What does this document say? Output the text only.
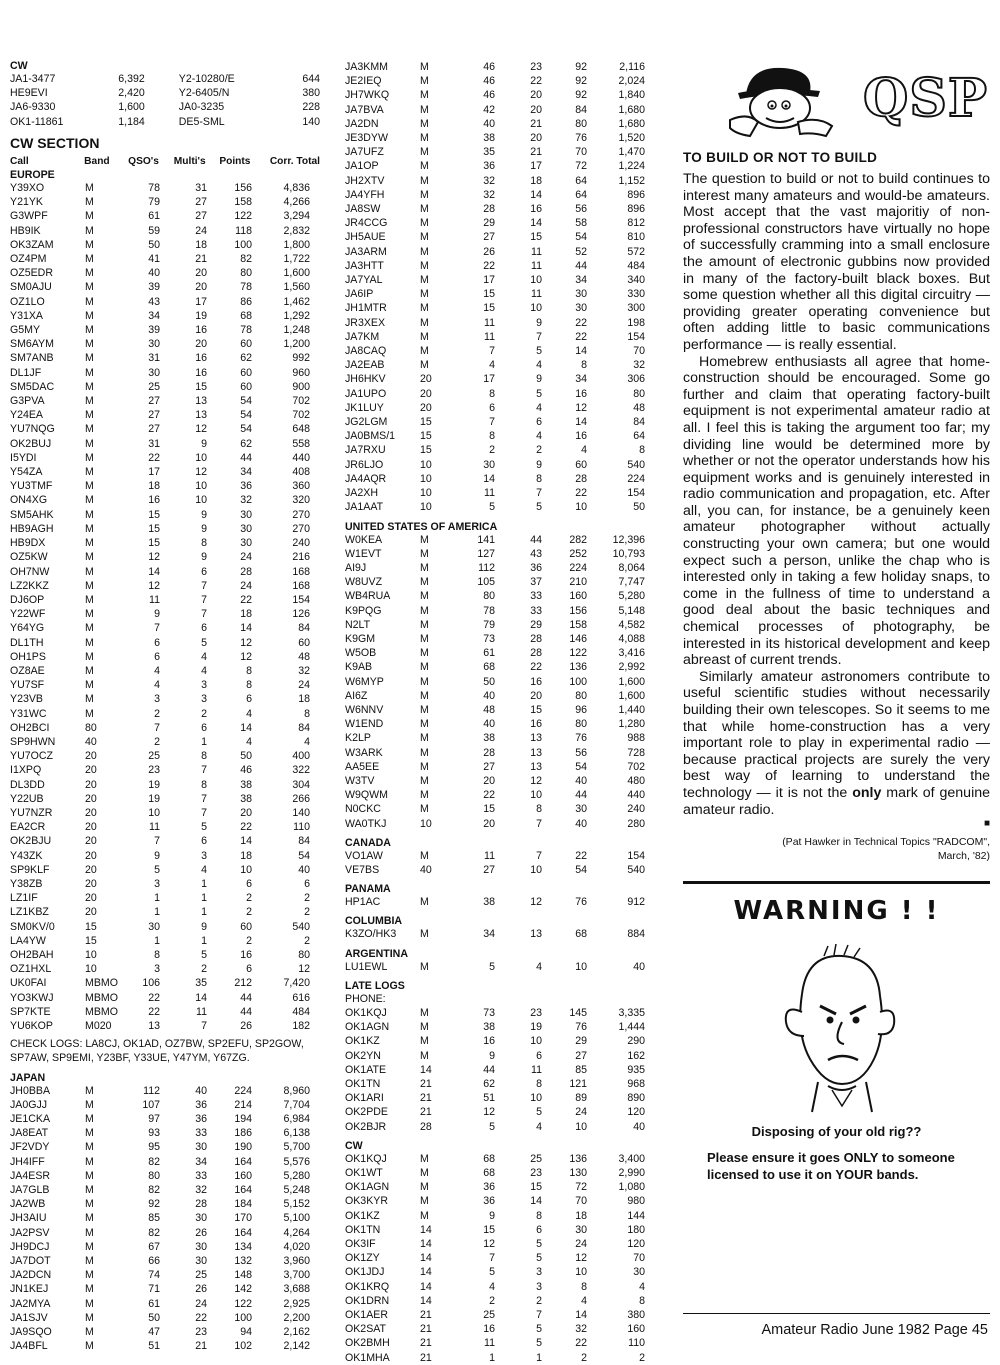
CW
JA1-3477	6,392	Y2-10280/E	644
HE9EVI	2,420	Y2-6405/N	380
JA6-9330	1,600	JA0-3235	228
OK1-11861	1,184	DE5-SML	140
CW SECTION
Call	Band	QSO's	Multi's	Points	Corr. Total
EUROPE
Y39XO	M	78	31	156	4,836
Y21YK	M	79	27	158	4,266
G3WPF	M	61	27	122	3,294
HB9IK	M	59	24	118	2,832
OK3ZAM	M	50	18	100	1,800
OZ4PM	M	41	21	82	1,722
OZ5EDR	M	40	20	80	1,600
SM0AJU	M	39	20	78	1,560
OZ1LO	M	43	17	86	1,462
Y31XA	M	34	19	68	1,292
G5MY	M	39	16	78	1,248
SM6AYM	M	30	20	60	1,200
SM7ANB	M	31	16	62	992
DL1JF	M	30	16	60	960
SM5DAC	M	25	15	60	900
G3PVA	M	27	13	54	702
Y24EA	M	27	13	54	702
YU7NQG	M	27	12	54	648
OK2BUJ	M	31	9	62	558
I5YDI	M	22	10	44	440
Y54ZA	M	17	12	34	408
YU3TMF	M	18	10	36	360
ON4XG	M	16	10	32	320
SM5AHK	M	15	9	30	270
HB9AGH	M	15	9	30	270
HB9DX	M	15	8	30	240
OZ5KW	M	12	9	24	216
OH7NW	M	14	6	28	168
LZ2KKZ	M	12	7	24	168
DJ6OP	M	11	7	22	154
Y22WF	M	9	7	18	126
Y64YG	M	7	6	14	84
DL1TH	M	6	5	12	60
OH1PS	M	6	4	12	48
OZ8AE	M	4	4	8	32
YU7SF	M	4	3	8	24
Y23VB	M	3	3	6	18
Y31WC	M	2	2	4	8
OH2BCI	80	7	6	14	84
SP9HWN	40	2	1	4	4
YU7OCZ	20	25	8	50	400
I1XPQ	20	23	7	46	322
DL3DD	20	19	8	38	304
Y22UB	20	19	7	38	266
YU7NZR	20	10	7	20	140
EA2CR	20	11	5	22	110
OK2BJU	20	7	6	14	84
Y43ZK	20	9	3	18	54
SP9KLF	20	5	4	10	40
Y38ZB	20	3	1	6	6
LZ1IF	20	1	1	2	2
LZ1KBZ	20	1	1	2	2
SM0KV/0	15	30	9	60	540
LA4YW	15	1	1	2	2
OH2BAH	10	8	5	16	80
OZ1HXL	10	3	2	6	12
UK0FAI	MBMO	106	35	212	7,420
YO3KWJ	MBMO	22	14	44	616
SP7KTE	MBMO	22	11	44	484
YU6KOP	M020	13	7	26	182
CHECK LOGS: LA8CJ, OK1AD, OZ7BW, SP2EFU, SP2GOW, SP7AW, SP9EMI, Y23BF, Y33UE, Y47YM, Y67ZG.
JAPAN
JH0BBA	M	112	40	224	8,960
JA0GJJ	M	107	36	214	7,704
JE1CKA	M	97	36	194	6,984
JA8EAT	M	93	33	186	6,138
JF2VDY	M	95	30	190	5,700
JH4IFF	M	82	34	164	5,576
JA4ESR	M	80	33	160	5,280
JA7GLB	M	82	32	164	5,248
JA2WB	M	92	28	184	5,152
JH3AIU	M	85	30	170	5,100
JA2PSV	M	82	26	164	4,264
JH9DCJ	M	67	30	134	4,020
JA7DOT	M	66	30	132	3,960
JA2DCN	M	74	25	148	3,700
JN1KEJ	M	71	26	142	3,688
JA2MYA	M	61	24	122	2,925
JA1SJV	M	50	22	100	2,200
JA9SQO	M	47	23	94	2,162
JA4BFL	M	51	21	102	2,142
JA3KMM	M	46	23	92	2,116
JE2IEQ	M	46	22	92	2,024
JH7WKQ	M	46	20	92	1,840
JA7BVA	M	42	20	84	1,680
JA2DN	M	40	21	80	1,680
JE3DYW	M	38	20	76	1,520
JA7UFZ	M	35	21	70	1,470
JA1OP	M	36	17	72	1,224
JH2XTV	M	32	18	64	1,152
JA4YFH	M	32	14	64	896
JA8SW	M	28	16	56	896
JR4CCG	M	29	14	58	812
JH5AUE	M	27	15	54	810
JA3ARM	M	26	11	52	572
JA3HTT	M	22	11	44	484
JA7YAL	M	17	10	34	340
JA6IP	M	15	11	30	330
JH1MTR	M	15	10	30	300
JR3XEX	M	11	9	22	198
JA7KM	M	11	7	22	154
JA8CAQ	M	7	5	14	70
JA2EAB	M	4	4	8	32
JH6HKV	20	17	9	34	306
JA1UPO	20	8	5	16	80
JK1LUY	20	6	4	12	48
JG2LGM	15	7	6	14	84
JA0BMS/1	15	8	4	16	64
JA7RXU	15	2	2	4	8
JR6LJO	10	30	9	60	540
JA4AQR	10	14	8	28	224
JA2XH	10	11	7	22	154
JA1AAT	10	5	5	10	50
UNITED STATES OF AMERICA
W0KEA	M	141	44	282	12,396
W1EVT	M	127	43	252	10,793
AI9J	M	112	36	224	8,064
W8UVZ	M	105	37	210	7,747
WB4RUA	M	80	33	160	5,280
K9PQG	M	78	33	156	5,148
N2LT	M	79	29	158	4,582
K9GM	M	73	28	146	4,088
W5OB	M	61	28	122	3,416
K9AB	M	68	22	136	2,992
W6MYP	M	50	16	100	1,600
AI6Z	M	40	20	80	1,600
W6NNV	M	48	15	96	1,440
W1END	M	40	16	80	1,280
K2LP	M	38	13	76	988
W3ARK	M	28	13	56	728
AA5EE	M	27	13	54	702
W3TV	M	20	12	40	480
W9QWM	M	22	10	44	440
N0CKC	M	15	8	30	240
WA0TKJ	10	20	7	40	280
CANADA
VO1AW	M	11	7	22	154
VE7BS	40	27	10	54	540
PANAMA
HP1AC	M	38	12	76	912
COLUMBIA
K3ZO/HK3	M	34	13	68	884
ARGENTINA
LU1EWL	M	5	4	10	40
LATE LOGS
PHONE:
OK1KQJ	M	73	23	145	3,335
OK1AGN	M	38	19	76	1,444
OK1KZ	M	16	10	29	290
OK2YN	M	9	6	27	162
OK1ATE	14	44	11	85	935
OK1TN	21	62	8	121	968
OK1ARI	21	51	10	89	890
OK2PDE	21	12	5	24	120
OK2BJR	28	5	4	10	40
CW
OK1KQJ	M	68	25	136	3,400
OK1WT	M	68	23	130	2,990
OK1AGN	M	36	15	72	1,080
OK3KYR	M	36	14	70	980
OK1KZ	M	9	8	18	144
OK1TN	14	15	6	30	180
OK3IF	14	12	5	24	120
OK1ZY	14	7	5	12	70
OK1JDJ	14	5	3	10	30
OK1KRQ	14	4	3	8	4
OK1DRN	14	2	2	4	8
OK1AER	21	25	7	14	380
OK2SAT	21	16	5	32	160
OK2BMH	21	11	5	22	110
OK1MHA	21	1	1	2	2
QSP
TO BUILD OR NOT TO BUILD

The question to build or not to build continues to interest many amateurs and would-be amateurs. Most accept that the vast majoritiy of non-professional constructors have virtually no hope of successfully cramming into a small enclosure the amount of electronic gubbins now provided in many of the factory-built black boxes. But some question whether all this digital circuitry — providing greater operating convenience but often adding little to basic communications performance — is really essential.

Homebrew enthusiasts all agree that home-construction should be encouraged. Some go further and claim that operating factory-built equipment is not experimental amateur radio at all. I feel this is taking the argument too far; my dividing line would be determined more by whether or not the operator understands how his equipment works and is genuinely interested in radio communication and propagation, etc. After all, you can, for instance, be a genuinely keen amateur photographer without actually constructing your own camera; but one would expect such a person, unlike the chap who is interested only in taking a few holiday snaps, to come in the fullness of time to understand a good deal about the basic techniques and chemical processes of photography, be interested in its historical development and keep abreast of current trends.

Similarly amateur astronomers contribute to useful scientific studies without necessarily building their own telescopes. So it seems to me that while home-construction has a very important role to play in experimental radio — because practical projects are surely the very best way of learning to understand the technology — it is not the only mark of genuine amateur radio.

■
(Pat Hawker in Technical Topics "RADCOM",
March, '82)
WARNING ! !
Disposing of your old rig??
Please ensure it goes ONLY to someone licensed to use it on YOUR bands.
Amateur Radio June 1982 Page 45
